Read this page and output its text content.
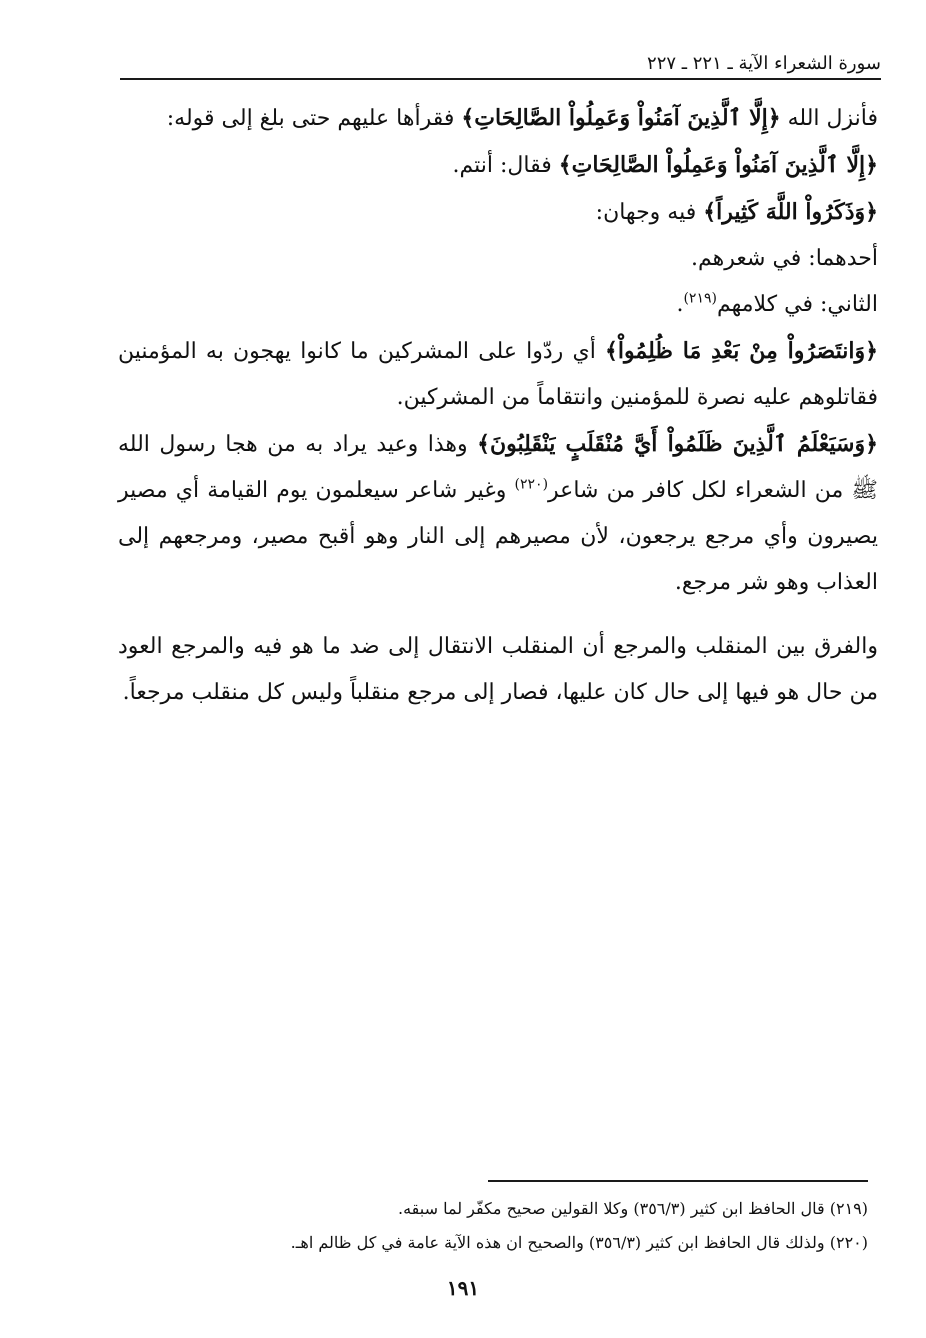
سورة الشعراء الآية ـ ٢٢١ ـ ٢٢٧

فأنزل الله ﴿إِلَّا ٱلَّذِينَ آمَنُواْ وَعَمِلُواْ الصَّالِحَاتِ﴾ فقرأها عليهم حتى بلغ إلى قوله:

﴿إِلَّا ٱلَّذِينَ آمَنُواْ وَعَمِلُواْ الصَّالِحَاتِ﴾ فقال: أنتم.

﴿وَذَكَرُواْ اللَّهَ كَثِيراً﴾ فيه وجهان:

أحدهما: في شعرهم.

الثاني: في كلامهم$^{(٢١٩)}$.

﴿وَانتَصَرُواْ مِنْ بَعْدِ مَا ظُلِمُواْ﴾ أي ردّوا على المشركين ما كانوا يهجون به المؤمنين فقاتلوهم عليه نصرة للمؤمنين وانتقاماً من المشركين.

﴿وَسَيَعْلَمُ ٱلَّذِينَ ظَلَمُواْ أَيَّ مُنْقَلَبٍ يَنْقَلِبُونَ﴾ وهذا وعيد يراد به من هجا رسول الله ﷺ من الشعراء لكل كافر من شاعر$^{(٢٢٠)}$ وغير شاعر سيعلمون يوم القيامة أي مصير يصيرون وأي مرجع يرجعون، لأن مصيرهم إلى النار وهو أقبح مصير، ومرجعهم إلى العذاب وهو شر مرجع.

والفرق بين المنقلب والمرجع أن المنقلب الانتقال إلى ضد ما هو فيه والمرجع العود من حال هو فيها إلى حال كان عليها، فصار إلى مرجع منقلباً وليس كل منقلب مرجعاً.

(٢١٩) قال الحافظ ابن كثير (٣٥٦/٣) وكلا القولين صحيح مكفّر لما سبقه.

(٢٢٠) ولذلك قال الحافظ ابن كثير (٣٥٦/٣) والصحيح ان هذه الآية عامة في كل ظالم اهـ.

١٩١
